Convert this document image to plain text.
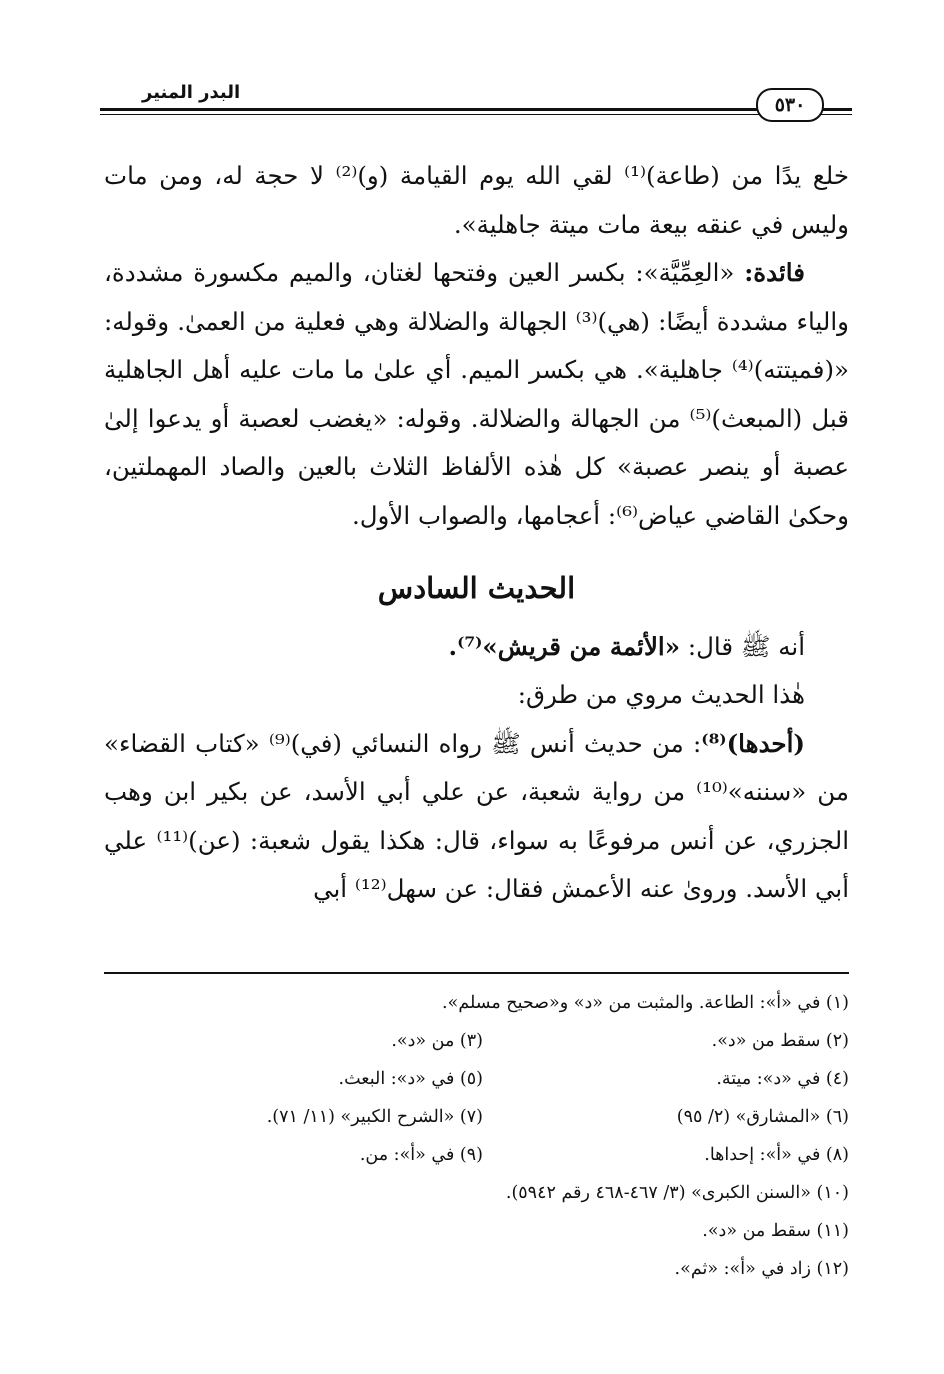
البدر المنير
٥٣٠

خلع يدًا من (طاعة)⁽¹⁾ لقي الله يوم القيامة (و)⁽²⁾ لا حجة له، ومن مات وليس في عنقه بيعة مات ميتة جاهلية».

فائدة: «العِمِّيَّة»: بكسر العين وفتحها لغتان، والميم مكسورة مشددة، والياء مشددة أيضًا: (هي)⁽³⁾ الجهالة والضلالة وهي فعلية من العمىٰ. وقوله: «(فميتته)⁽⁴⁾ جاهلية». هي بكسر الميم. أي علىٰ ما مات عليه أهل الجاهلية قبل (المبعث)⁽⁵⁾ من الجهالة والضلالة. وقوله: «يغضب لعصبة أو يدعوا إلىٰ عصبة أو ينصر عصبة» كل هٰذه الألفاظ الثلاث بالعين والصاد المهملتين، وحكىٰ القاضي عياض⁽⁶⁾: أعجامها، والصواب الأول.

الحديث السادس

أنه ﷺ قال: «الأئمة من قريش»⁽⁷⁾.

هٰذا الحديث مروي من طرق:

(أحدها)⁽⁸⁾: من حديث أنس ﷺ رواه النسائي (في)⁽⁹⁾ «كتاب القضاء» من «سننه»⁽¹⁰⁾ من رواية شعبة، عن علي أبي الأسد، عن بكير ابن وهب الجزري، عن أنس مرفوعًا به سواء، قال: هكذا يقول شعبة: (عن)⁽¹¹⁾ علي أبي الأسد. وروىٰ عنه الأعمش فقال: عن سهل⁽¹²⁾ أبي

(١) في «أ»: الطاعة. والمثبت من «د» و«صحيح مسلم».
(٢) سقط من «د».
(٣) من «د».
(٤) في «د»: ميتة.
(٥) في «د»: البعث.
(٦) «المشارق» (٢/ ٩٥)
(٧) «الشرح الكبير» (١١/ ٧١).
(٨) في «أ»: إحداها.
(٩) في «أ»: من.
(١٠) «السنن الكبرى» (٣/ ٤٦٧-٤٦٨ رقم ٥٩٤٢).
(١١) سقط من «د».
(١٢) زاد في «أ»: «ثم».
